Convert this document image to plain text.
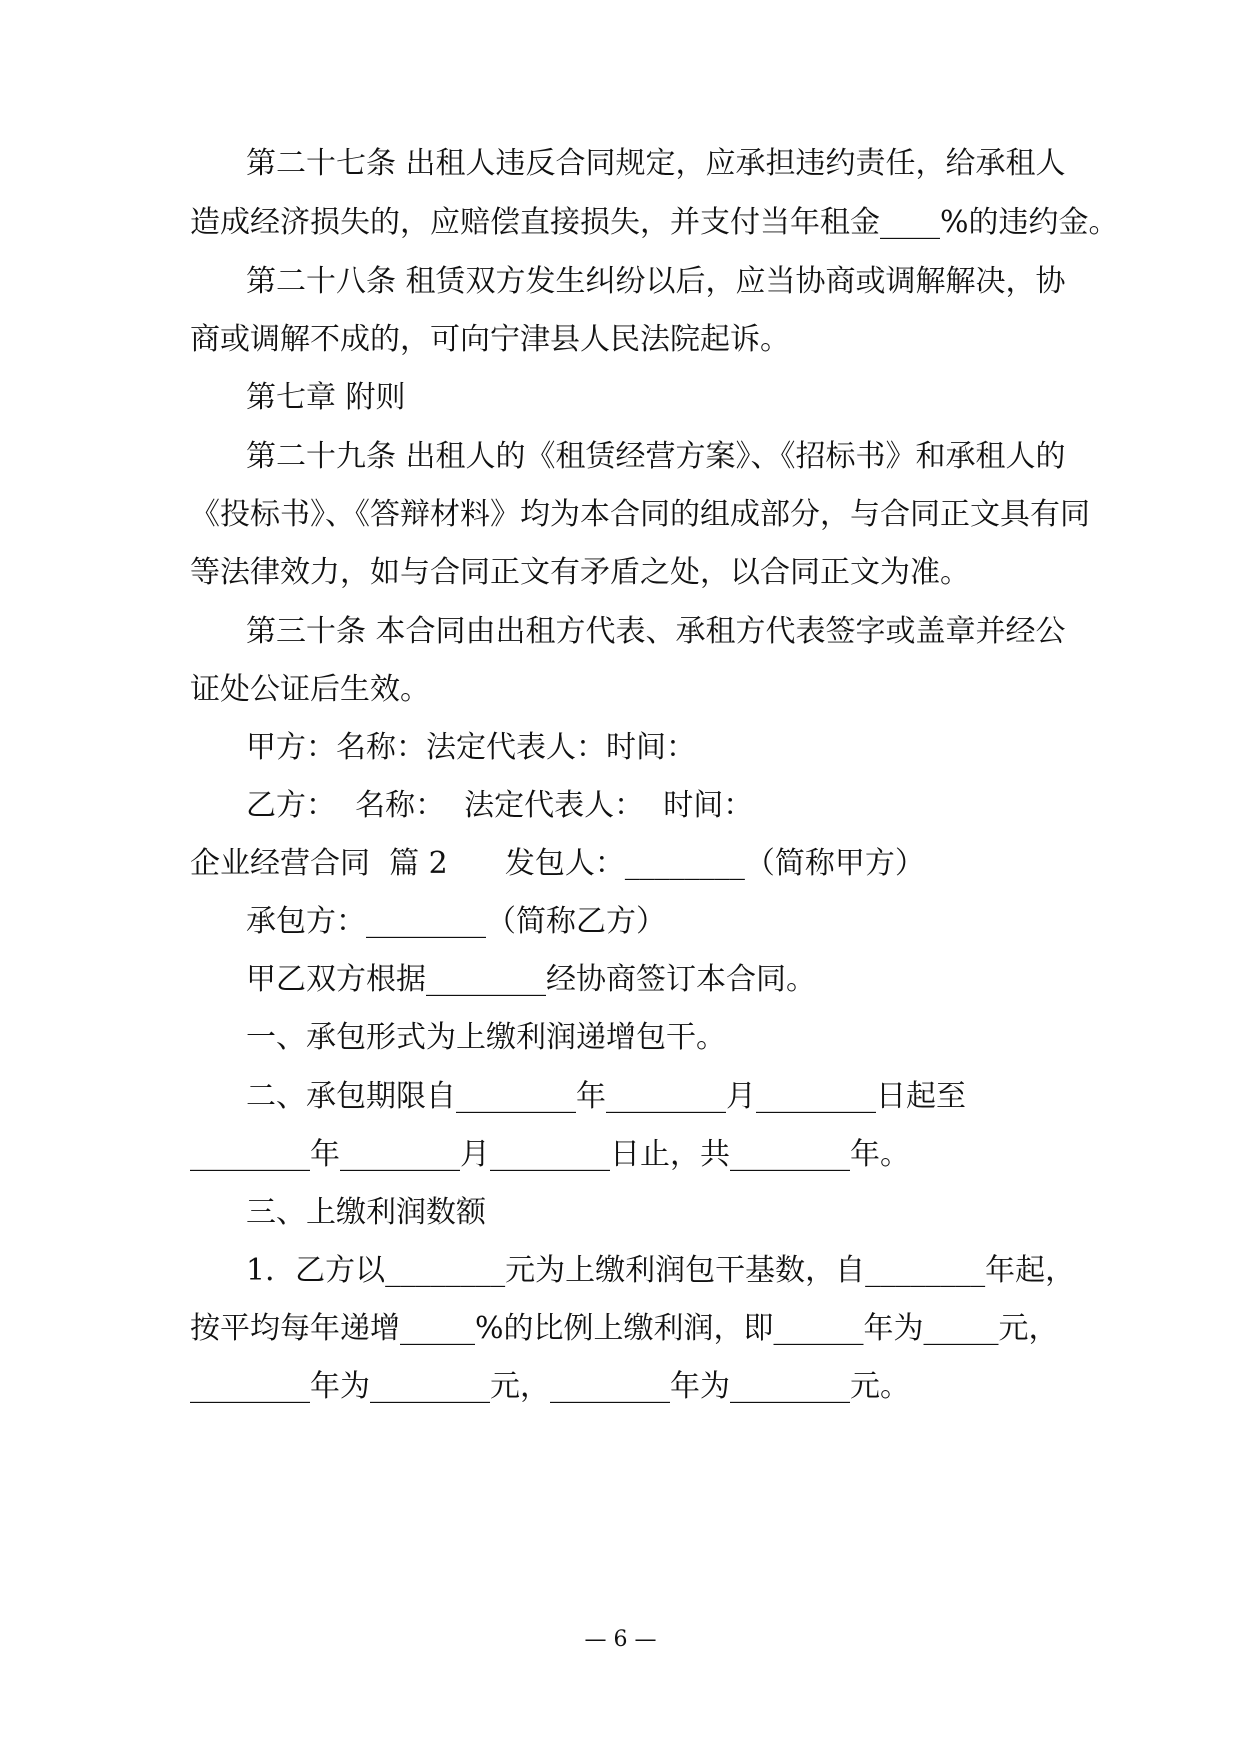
第二十七条 出租人违反合同规定，应承担违约责任，给承租人
造成经济损失的，应赔偿直接损失，并支付当年租金____%的违约金。
第二十八条 租赁双方发生纠纷以后，应当协商或调解解决，协
商或调解不成的，可向宁津县人民法院起诉。
第七章 附则
第二十九条 出租人的《租赁经营方案》、《招标书》和承租人的
《投标书》、《答辩材料》均为本合同的组成部分，与合同正文具有同
等法律效力，如与合同正文有矛盾之处，以合同正文为准。
第三十条 本合同由出租方代表、承租方代表签字或盖章并经公
证处公证后生效。
甲方：名称：法定代表人：时间：
乙方：  名称：  法定代表人：  时间：
企业经营合同  篇 2      发包人：________（简称甲方）
承包方：________（简称乙方）
甲乙双方根据________经协商签订本合同。
一、承包形式为上缴利润递增包干。
二、承包期限自________年________月________日起至
________年________月________日止，共________年。
三、上缴利润数额
1．乙方以________元为上缴利润包干基数，自________年起，
按平均每年递增_____%的比例上缴利润，即______年为_____元，
________年为________元，________年为________元。
— 6 —
